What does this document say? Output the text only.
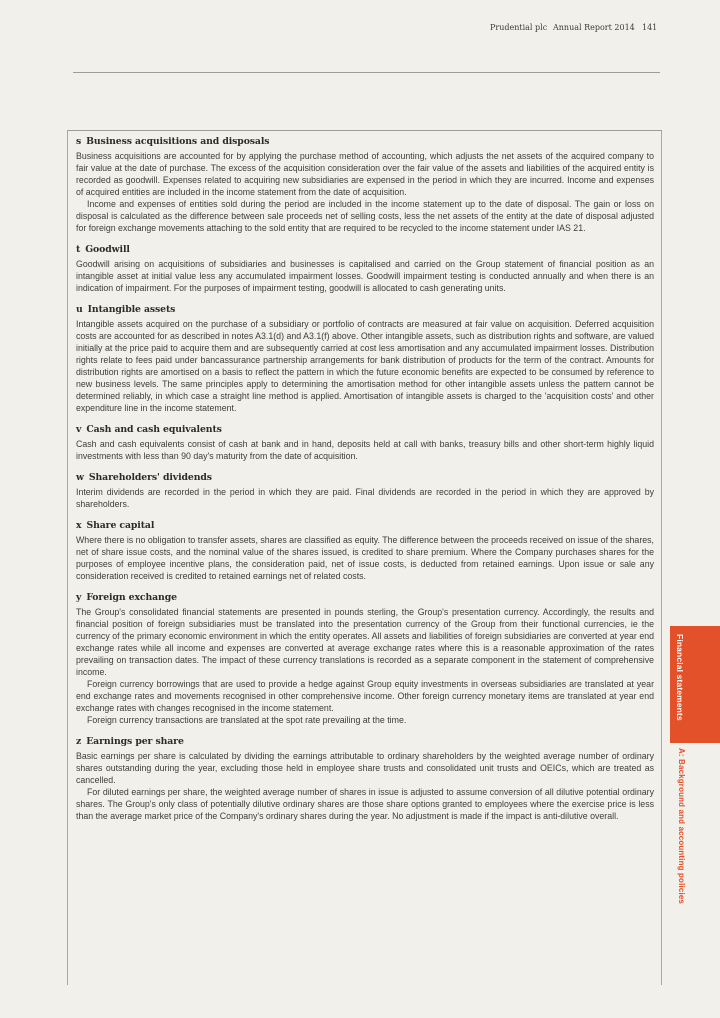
Prudential plc Annual Report 2014 141
s Business acquisitions and disposals

Business acquisitions are accounted for by applying the purchase method of accounting, which adjusts the net assets of the acquired company to fair value at the date of purchase. The excess of the acquisition consideration over the fair value of the assets and liabilities of the acquired entity is recorded as goodwill. Expenses related to acquiring new subsidiaries are expensed in the period in which they are incurred. Income and expenses of acquired entities are included in the income statement from the date of acquisition.

Income and expenses of entities sold during the period are included in the income statement up to the date of disposal. The gain or loss on disposal is calculated as the difference between sale proceeds net of selling costs, less the net assets of the entity at the date of disposal adjusted for foreign exchange movements attaching to the sold entity that are required to be recycled to the income statement under IAS 21.

t Goodwill

Goodwill arising on acquisitions of subsidiaries and businesses is capitalised and carried on the Group statement of financial position as an intangible asset at initial value less any accumulated impairment losses. Goodwill impairment testing is conducted annually and when there is an indication of impairment. For the purposes of impairment testing, goodwill is allocated to cash generating units.

u Intangible assets

Intangible assets acquired on the purchase of a subsidiary or portfolio of contracts are measured at fair value on acquisition. Deferred acquisition costs are accounted for as described in notes A3.1(d) and A3.1(f) above. Other intangible assets, such as distribution rights and software, are valued initially at the price paid to acquire them and are subsequently carried at cost less amortisation and any accumulated impairment losses. Distribution rights relate to fees paid under bancassurance partnership arrangements for bank distribution of products for the term of the contract. Amounts for distribution rights are amortised on a basis to reflect the pattern in which the future economic benefits are expected to be consumed by reference to new business levels. The same principles apply to determining the amortisation method for other intangible assets unless the pattern cannot be determined reliably, in which case a straight line method is applied. Amortisation of intangible assets is charged to the 'acquisition costs' and other expenditure line in the income statement.

v Cash and cash equivalents

Cash and cash equivalents consist of cash at bank and in hand, deposits held at call with banks, treasury bills and other short-term highly liquid investments with less than 90 day's maturity from the date of acquisition.

w Shareholders' dividends

Interim dividends are recorded in the period in which they are paid. Final dividends are recorded in the period in which they are approved by shareholders.

x Share capital

Where there is no obligation to transfer assets, shares are classified as equity. The difference between the proceeds received on issue of the shares, net of share issue costs, and the nominal value of the shares issued, is credited to share premium. Where the Company purchases shares for the purposes of employee incentive plans, the consideration paid, net of issue costs, is deducted from retained earnings. Upon issue or sale any consideration received is credited to retained earnings net of related costs.

y Foreign exchange

The Group's consolidated financial statements are presented in pounds sterling, the Group's presentation currency. Accordingly, the results and financial position of foreign subsidiaries must be translated into the presentation currency of the Group from their functional currencies, ie the currency of the primary economic environment in which the entity operates. All assets and liabilities of foreign subsidiaries are converted at year end exchange rates while all income and expenses are converted at average exchange rates where this is a reasonable approximation of the rates prevailing on transaction dates. The impact of these currency translations is recorded as a separate component in the statement of comprehensive income.

Foreign currency borrowings that are used to provide a hedge against Group equity investments in overseas subsidiaries are translated at year end exchange rates and movements recognised in other comprehensive income. Other foreign currency monetary items are translated at year end exchange rates with changes recognised in the income statement.

Foreign currency transactions are translated at the spot rate prevailing at the time.

z Earnings per share

Basic earnings per share is calculated by dividing the earnings attributable to ordinary shareholders by the weighted average number of ordinary shares outstanding during the year, excluding those held in employee share trusts and consolidated unit trusts and OEICs, which are treated as cancelled.

For diluted earnings per share, the weighted average number of shares in issue is adjusted to assume conversion of all dilutive potential ordinary shares. The Group's only class of potentially dilutive ordinary shares are those share options granted to employees where the exercise price is less than the average market price of the Company's ordinary shares during the year. No adjustment is made if the impact is anti-dilutive overall.

Financial statements
A: Background and accounting policies
